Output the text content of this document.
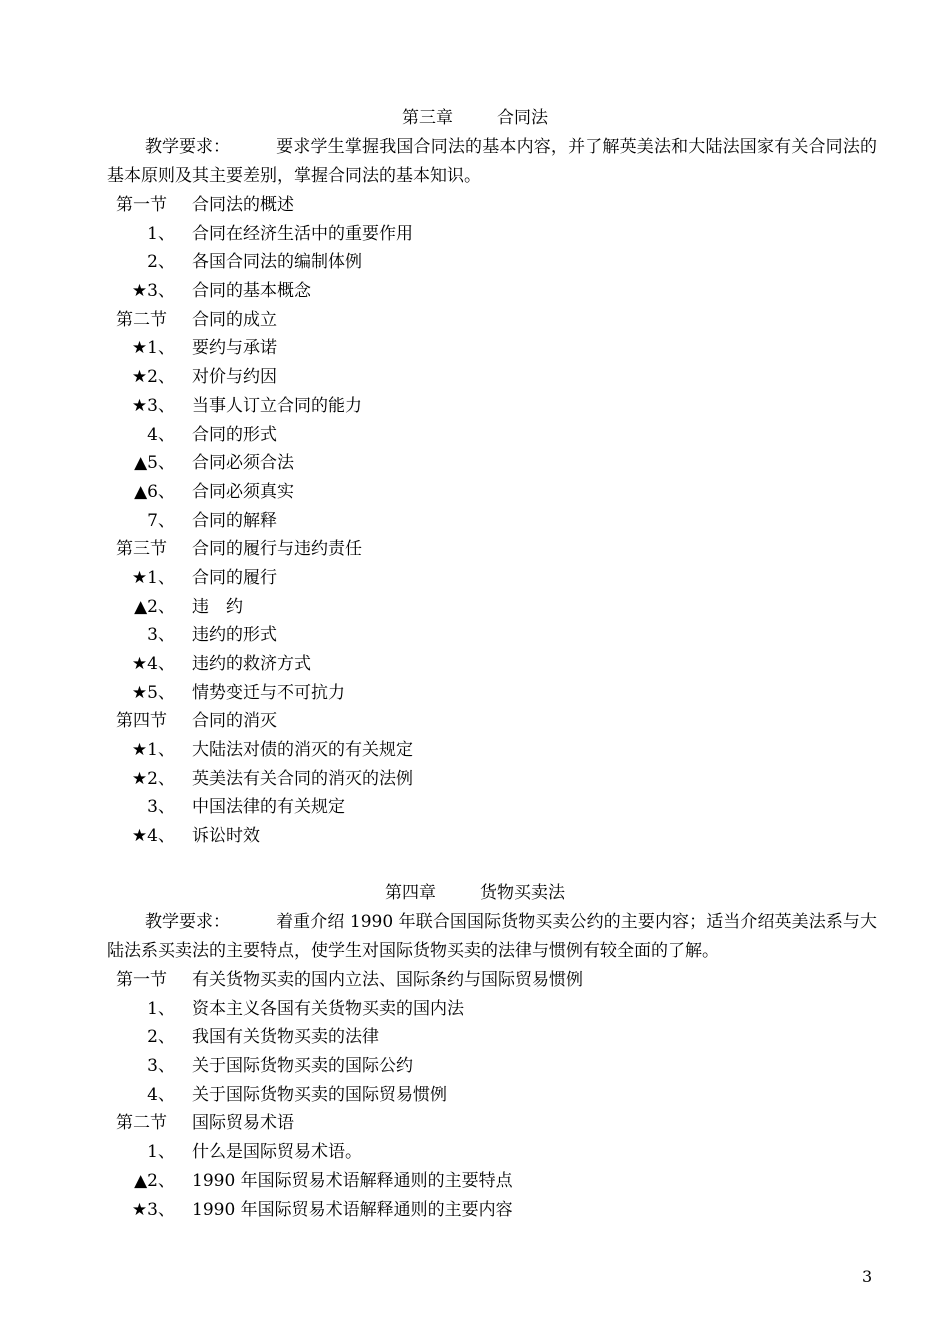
第三章	合同法

教学要求：	要求学生掌握我国合同法的基本内容，并了解英美法和大陆法国家有关合同法的基本原则及其主要差别，掌握合同法的基本知识。

第一节 合同法的概述
1、 合同在经济生活中的重要作用
2、 各国合同法的编制体例
★3、 合同的基本概念
第二节 合同的成立
★1、 要约与承诺
★2、 对价与约因
★3、 当事人订立合同的能力
4、 合同的形式
▲5、 合同必须合法
▲6、 合同必须真实
7、 合同的解释
第三节 合同的履行与违约责任
★1、 合同的履行
▲2、 违　约
3、 违约的形式
★4、 违约的救济方式
★5、 情势变迁与不可抗力
第四节 合同的消灭
★1、 大陆法对债的消灭的有关规定
★2、 英美法有关合同的消灭的法例
3、 中国法律的有关规定
★4、 诉讼时效
第四章	货物买卖法

教学要求：	着重介绍 1990 年联合国国际货物买卖公约的主要内容；适当介绍英美法系与大陆法系买卖法的主要特点，使学生对国际货物买卖的法律与惯例有较全面的了解。

第一节 有关货物买卖的国内立法、国际条约与国际贸易惯例
1、 资本主义各国有关货物买卖的国内法
2、 我国有关货物买卖的法律
3、 关于国际货物买卖的国际公约
4、 关于国际货物买卖的国际贸易惯例
第二节 国际贸易术语
1、 什么是国际贸易术语。
▲2、 1990 年国际贸易术语解释通则的主要特点
★3、 1990 年国际贸易术语解释通则的主要内容
3
